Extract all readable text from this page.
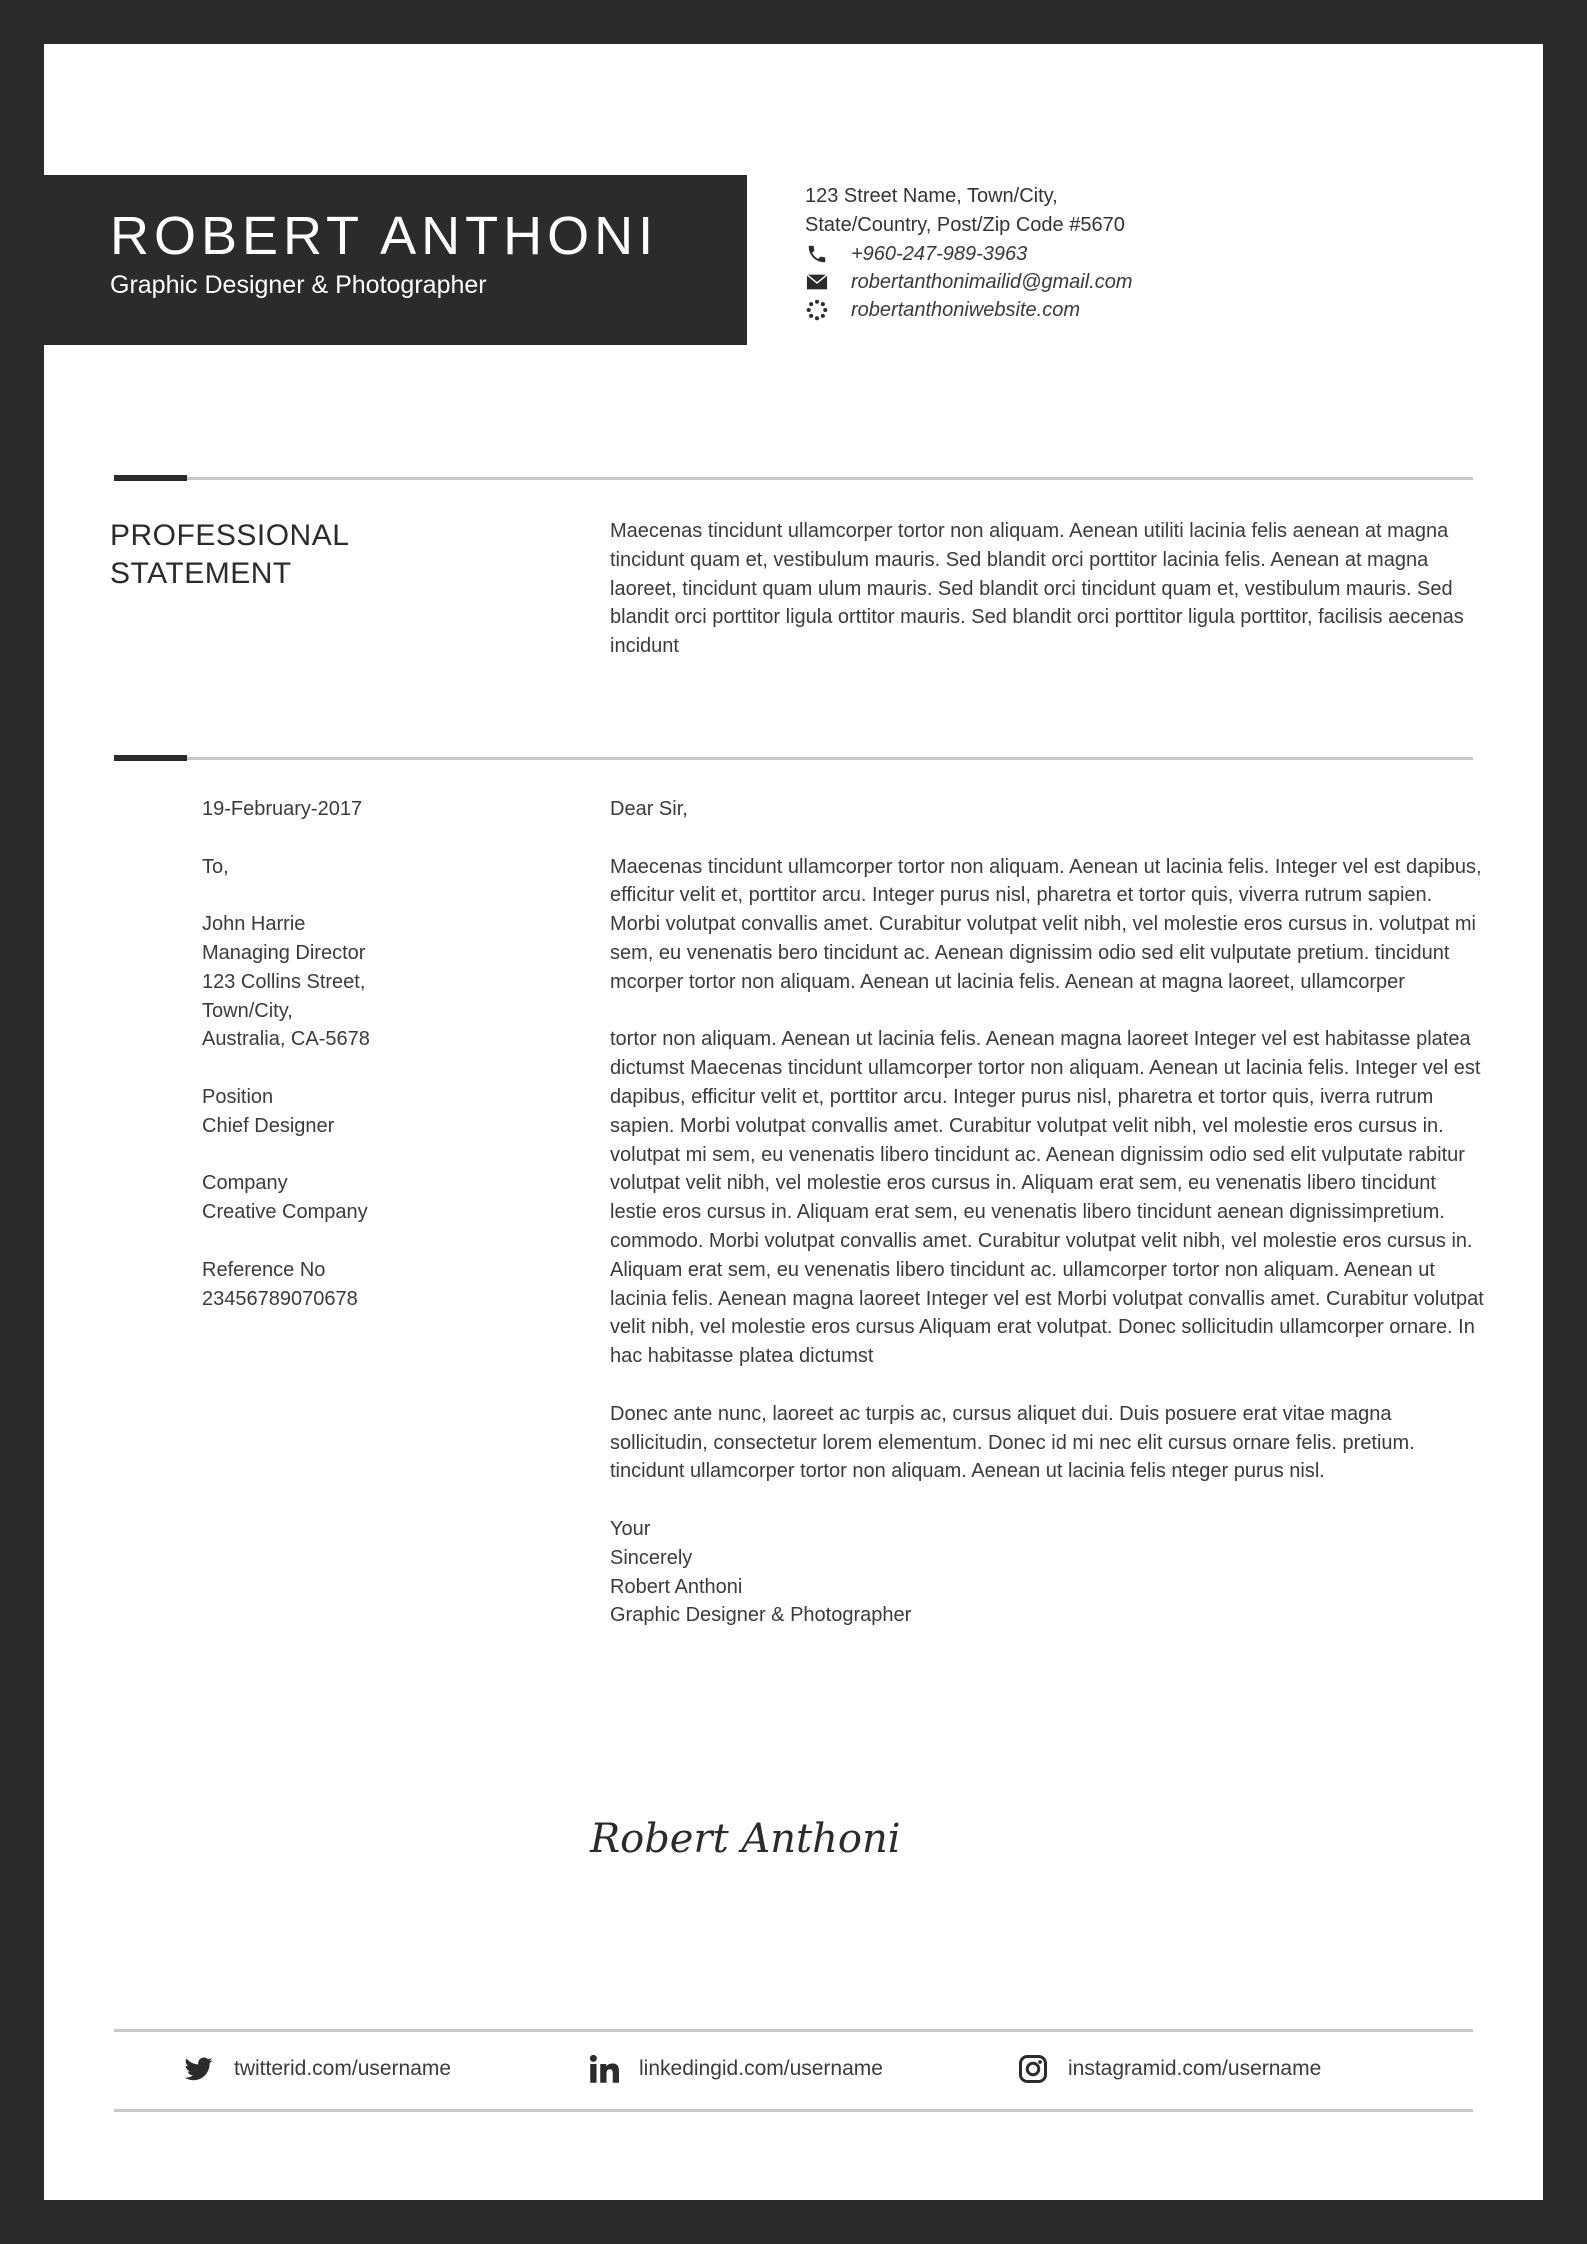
ROBERT ANTHONI
Graphic Designer & Photographer
123 Street Name, Town/City,
State/Country, Post/Zip Code #5670
+960-247-989-3963
robertanthonimailid@gmail.com
robertanthoniwebsite.com
PROFESSIONAL
STATEMENT
Maecenas tincidunt ullamcorper tortor non aliquam. Aenean utiliti lacinia felis aenean at magna tincidunt quam et, vestibulum mauris. Sed blandit orci porttitor lacinia felis. Aenean at magna laoreet, tincidunt quam ulum mauris. Sed blandit orci tincidunt quam et, vestibulum mauris. Sed blandit orci porttitor ligula orttitor mauris. Sed blandit orci porttitor ligula porttitor, facilisis aecenas incidunt
19-February-2017
To,
John Harrie
Managing Director
123 Collins Street,
Town/City,
Australia, CA-5678
Position
Chief Designer
Company
Creative Company
Reference No
23456789070678

Dear Sir,

Maecenas tincidunt ullamcorper tortor non aliquam. Aenean ut lacinia felis. Integer vel est dapibus, efficitur velit et, porttitor arcu. Integer purus nisl, pharetra et tortor quis, viverra rutrum sapien. Morbi volutpat convallis amet. Curabitur volutpat velit nibh, vel molestie eros cursus in. volutpat mi sem, eu venenatis bero tincidunt ac. Aenean dignissim odio sed elit vulputate pretium. tincidunt mcorper tortor non aliquam. Aenean ut lacinia felis. Aenean at magna laoreet, ullamcorper

tortor non aliquam. Aenean ut lacinia felis. Aenean magna laoreet Integer vel est habitasse platea dictumst Maecenas tincidunt ullamcorper tortor non aliquam. Aenean ut lacinia felis. Integer vel est dapibus, efficitur velit et, porttitor arcu. Integer purus nisl, pharetra et tortor quis, iverra rutrum sapien. Morbi volutpat convallis amet. Curabitur volutpat velit nibh, vel molestie eros cursus in. volutpat mi sem, eu venenatis libero tincidunt ac. Aenean dignissim odio sed elit vulputate rabitur volutpat velit nibh, vel molestie eros cursus in. Aliquam erat sem, eu venenatis libero tincidunt lestie eros cursus in. Aliquam erat sem, eu venenatis libero tincidunt aenean dignissimpretium. commodo. Morbi volutpat convallis amet. Curabitur volutpat velit nibh, vel molestie eros cursus in. Aliquam erat sem, eu venenatis libero tincidunt ac. ullamcorper tortor non aliquam. Aenean ut lacinia felis. Aenean magna laoreet Integer vel est Morbi volutpat convallis amet. Curabitur volutpat velit nibh, vel molestie eros cursus Aliquam erat volutpat. Donec sollicitudin ullamcorper ornare. In hac habitasse platea dictumst

Donec ante nunc, laoreet ac turpis ac, cursus aliquet dui. Duis posuere erat vitae magna sollicitudin, consectetur lorem elementum. Donec id mi nec elit cursus ornare felis. pretium. tincidunt ullamcorper tortor non aliquam. Aenean ut lacinia felis nteger purus nisl.

Your

Sincerely

Robert Anthoni

Graphic Designer & Photographer

Robert Anthoni
twitterid.com/username	linkedingid.com/username	instagramid.com/username
